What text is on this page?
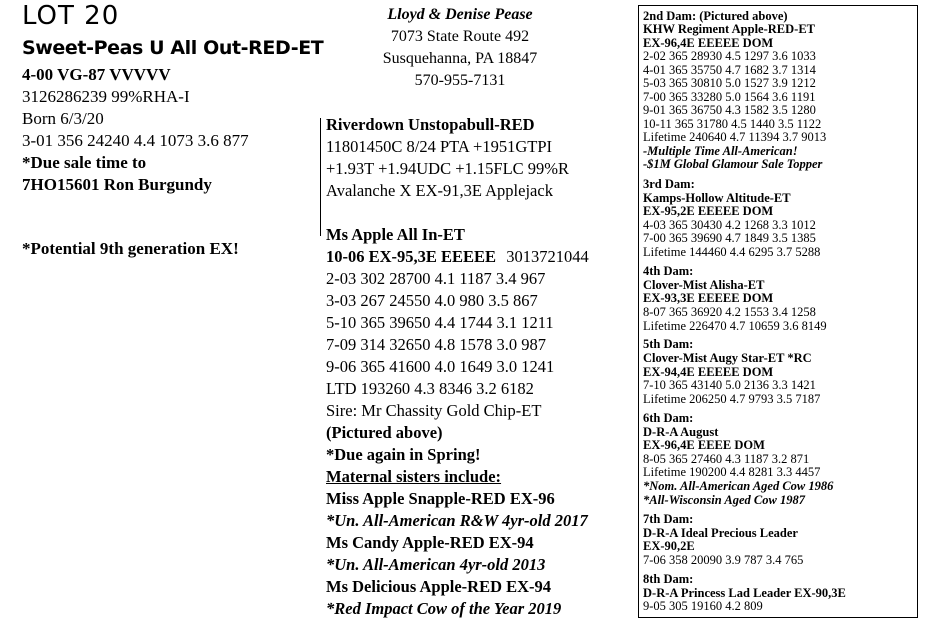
LOT 20
Sweet-Peas U All Out-RED-ET
4-00 VG-87 VVVVV
3126286239 99%RHA-I
Born 6/3/20
3-01 356 24240 4.4 1073 3.6 877
*Due sale time to
7HO15601 Ron Burgundy
*Potential 9th generation EX!
Lloyd & Denise Pease
7073 State Route 492
Susquehanna, PA 18847
570-955-7131
Riverdown Unstopabull-RED
11801450C 8/24 PTA +1951GTPI
+1.93T +1.94UDC +1.15FLC 99%R
Avalanche X EX-91,3E Applejack
Ms Apple All In-ET
10-06 EX-95,3E EEEEE 3013721044
2-03 302 28700 4.1 1187 3.4 967
3-03 267 24550 4.0 980 3.5 867
5-10 365 39650 4.4 1744 3.1 1211
7-09 314 32650 4.8 1578 3.0 987
9-06 365 41600 4.0 1649 3.0 1241
LTD 193260 4.3 8346 3.2 6182
Sire: Mr Chassity Gold Chip-ET
(Pictured above)
*Due again in Spring!
Maternal sisters include:
Miss Apple Snapple-RED EX-96
*Un. All-American R&W 4yr-old 2017
Ms Candy Apple-RED EX-94
*Un. All-American 4yr-old 2013
Ms Delicious Apple-RED EX-94
*Red Impact Cow of the Year 2019
2nd Dam: (Pictured above)
KHW Regiment Apple-RED-ET
EX-96,4E EEEEE DOM
2-02 365 28930 4.5 1297 3.6 1033
4-01 365 35750 4.7 1682 3.7 1314
5-03 365 30810 5.0 1527 3.9 1212
7-00 365 33280 5.0 1564 3.6 1191
9-01 365 36750 4.3 1582 3.5 1280
10-11 365 31780 4.5 1440 3.5 1122
Lifetime 240640 4.7 11394 3.7 9013
-Multiple Time All-American!
-$1M Global Glamour Sale Topper
3rd Dam:
Kamps-Hollow Altitude-ET
EX-95,2E EEEEE DOM
4-03 365 30430 4.2 1268 3.3 1012
7-00 365 39690 4.7 1849 3.5 1385
Lifetime 144460 4.4 6295 3.7 5288
4th Dam:
Clover-Mist Alisha-ET
EX-93,3E EEEEE DOM
8-07 365 36920 4.2 1553 3.4 1258
Lifetime 226470 4.7 10659 3.6 8149
5th Dam:
Clover-Mist Augy Star-ET *RC
EX-94,4E EEEEE DOM
7-10 365 43140 5.0 2136 3.3 1421
Lifetime 206250 4.7 9793 3.5 7187
6th Dam:
D-R-A August
EX-96,4E EEEE DOM
8-05 365 27460 4.3 1187 3.2 871
Lifetime 190200 4.4 8281 3.3 4457
*Nom. All-American Aged Cow 1986
*All-Wisconsin Aged Cow 1987
7th Dam:
D-R-A Ideal Precious Leader
EX-90,2E
7-06 358 20090 3.9 787 3.4 765
8th Dam:
D-R-A Princess Lad Leader EX-90,3E
9-05 305 19160 4.2 809
